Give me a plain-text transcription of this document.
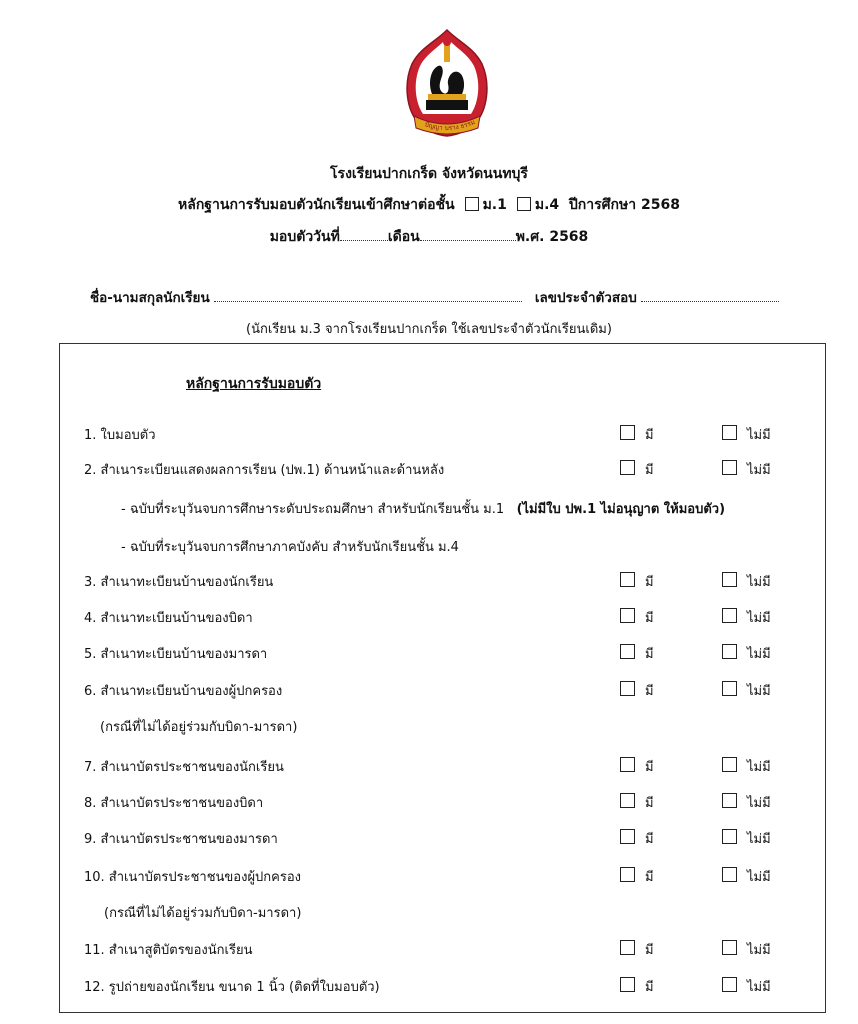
ปัญญา บราง ธรรม
โรงเรียนปากเกร็ด จังหวัดนนทบุรี
หลักฐานการรับมอบตัวนักเรียนเข้าศึกษาต่อชั้น ม.1 ม.4 ปีการศึกษา 2568
มอบตัววันที่	เดือน	พ.ศ. 2568
ชื่อ-นามสกุลนักเรียน	เลขประจำตัวสอบ
(นักเรียน ม.3 จากโรงเรียนปากเกร็ด ใช้เลขประจำตัวนักเรียนเดิม)
หลักฐานการรับมอบตัว
1. ใบมอบตัว	มี	ไม่มี
2. สำเนาระเบียนแสดงผลการเรียน (ปพ.1) ด้านหน้าและด้านหลัง	มี	ไม่มี
- ฉบับที่ระบุวันจบการศึกษาระดับประถมศึกษา สำหรับนักเรียนชั้น ม.1 (ไม่มีใบ ปพ.1 ไม่อนุญาต ให้มอบตัว)
- ฉบับที่ระบุวันจบการศึกษาภาคบังคับ สำหรับนักเรียนชั้น ม.4
3. สำเนาทะเบียนบ้านของนักเรียน	มี	ไม่มี
4. สำเนาทะเบียนบ้านของบิดา	มี	ไม่มี
5. สำเนาทะเบียนบ้านของมารดา	มี	ไม่มี
6. สำเนาทะเบียนบ้านของผู้ปกครอง	มี	ไม่มี
(กรณีที่ไม่ได้อยู่ร่วมกับบิดา-มารดา)
7. สำเนาบัตรประชาชนของนักเรียน	มี	ไม่มี
8. สำเนาบัตรประชาชนของบิดา	มี	ไม่มี
9. สำเนาบัตรประชาชนของมารดา	มี	ไม่มี
10. สำเนาบัตรประชาชนของผู้ปกครอง	มี	ไม่มี
(กรณีที่ไม่ได้อยู่ร่วมกับบิดา-มารดา)
11. สำเนาสูติบัตรของนักเรียน	มี	ไม่มี
12. รูปถ่ายของนักเรียน ขนาด 1 นิ้ว (ติดที่ใบมอบตัว)	มี	ไม่มี
